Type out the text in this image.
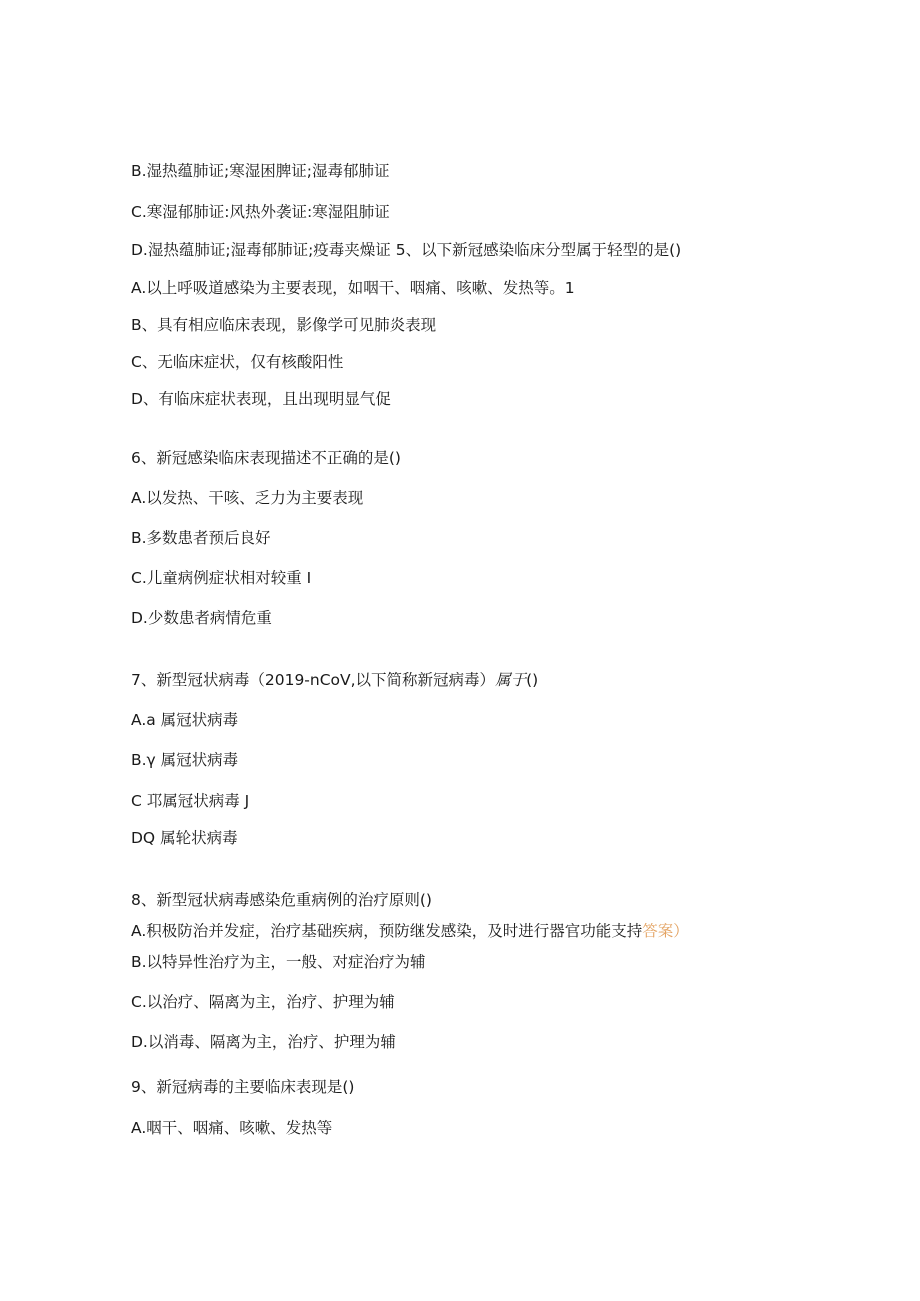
B.湿热蕴肺证;寒湿困脾证;湿毒郁肺证
C.寒湿郁肺证:风热外袭证:寒湿阻肺证
D.湿热蕴肺证;湿毒郁肺证;疫毒夹燥证 5、以下新冠感染临床分型属于轻型的是()
A.以上呼吸道感染为主要表现，如咽干、咽痛、咳嗽、发热等。1
B、具有相应临床表现，影像学可见肺炎表现
C、无临床症状，仅有核酸阳性
D、有临床症状表现，且出现明显气促
6、新冠感染临床表现描述不正确的是()
A.以发热、干咳、乏力为主要表现
B.多数患者预后良好
C.儿童病例症状相对较重 I
D.少数患者病情危重
7、新型冠状病毒（2019-nCoV,以下简称新冠病毒）属于()
A.a 属冠状病毒
B.γ 属冠状病毒
C 邛属冠状病毒 J
DQ 属轮状病毒
8、新型冠状病毒感染危重病例的治疗原则()
A.积极防治并发症，治疗基础疾病，预防继发感染，及时进行器官功能支持答案）
B.以特异性治疗为主，一般、对症治疗为辅
C.以治疗、隔离为主，治疗、护理为辅
D.以消毒、隔离为主，治疗、护理为辅
9、新冠病毒的主要临床表现是()
A.咽干、咽痛、咳嗽、发热等
